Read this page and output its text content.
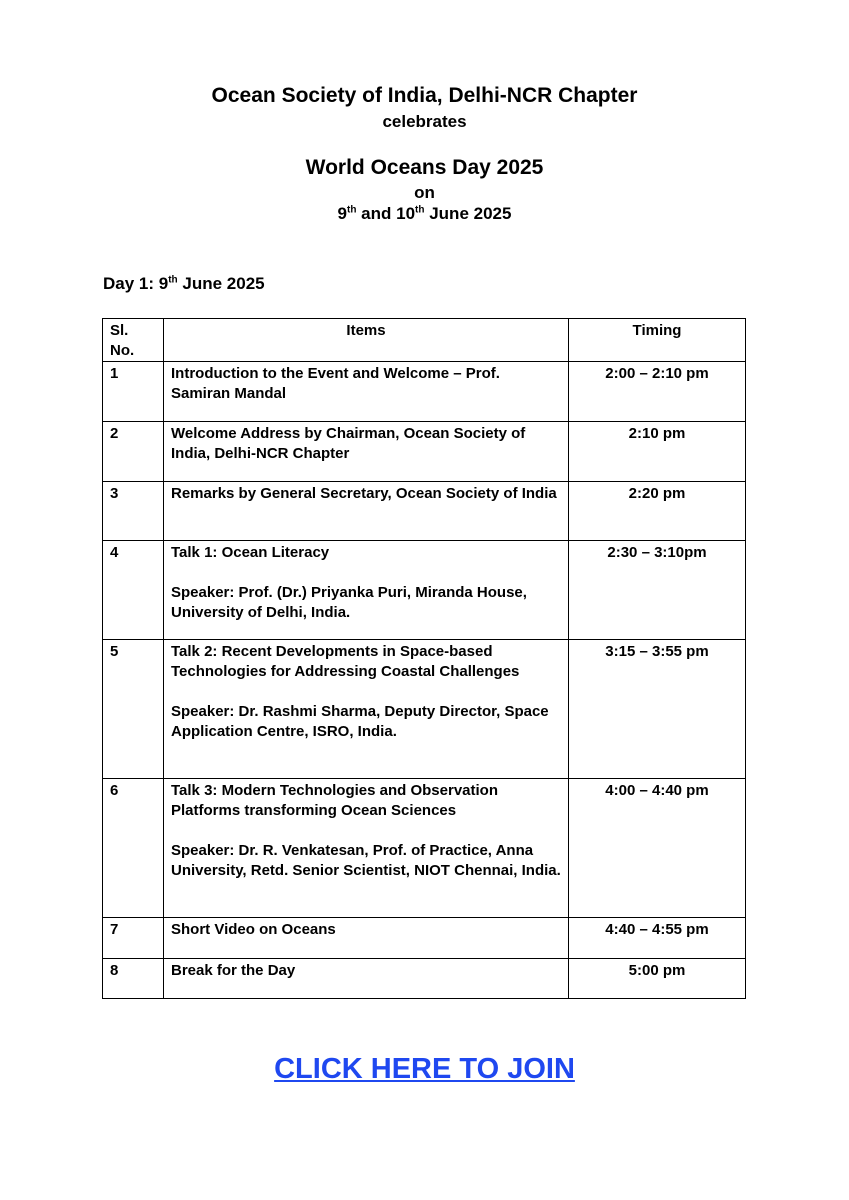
Ocean Society of India, Delhi-NCR Chapter
celebrates
World Oceans Day 2025
on
9th and 10th June 2025
Day 1: 9th June 2025
Sl. No.	Items	Timing
1	Introduction to the Event and Welcome – Prof. Samiran Mandal	2:00 – 2:10 pm
2	Welcome Address by Chairman, Ocean Society of India, Delhi-NCR Chapter	2:10 pm
3	Remarks by General Secretary, Ocean Society of India	2:20 pm
4	Talk 1: Ocean Literacy
Speaker: Prof. (Dr.) Priyanka Puri, Miranda House, University of Delhi, India.	2:30 – 3:10pm
5	Talk 2: Recent Developments in Space-based Technologies for Addressing Coastal Challenges
Speaker: Dr. Rashmi Sharma, Deputy Director, Space Application Centre, ISRO, India.	3:15 – 3:55 pm
6	Talk 3: Modern Technologies and Observation Platforms transforming Ocean Sciences
Speaker: Dr. R. Venkatesan, Prof. of Practice, Anna University, Retd. Senior Scientist, NIOT Chennai, India.	4:00 – 4:40 pm
7	Short Video on Oceans	4:40 – 4:55 pm
8	Break for the Day	5:00 pm
CLICK HERE TO JOIN
